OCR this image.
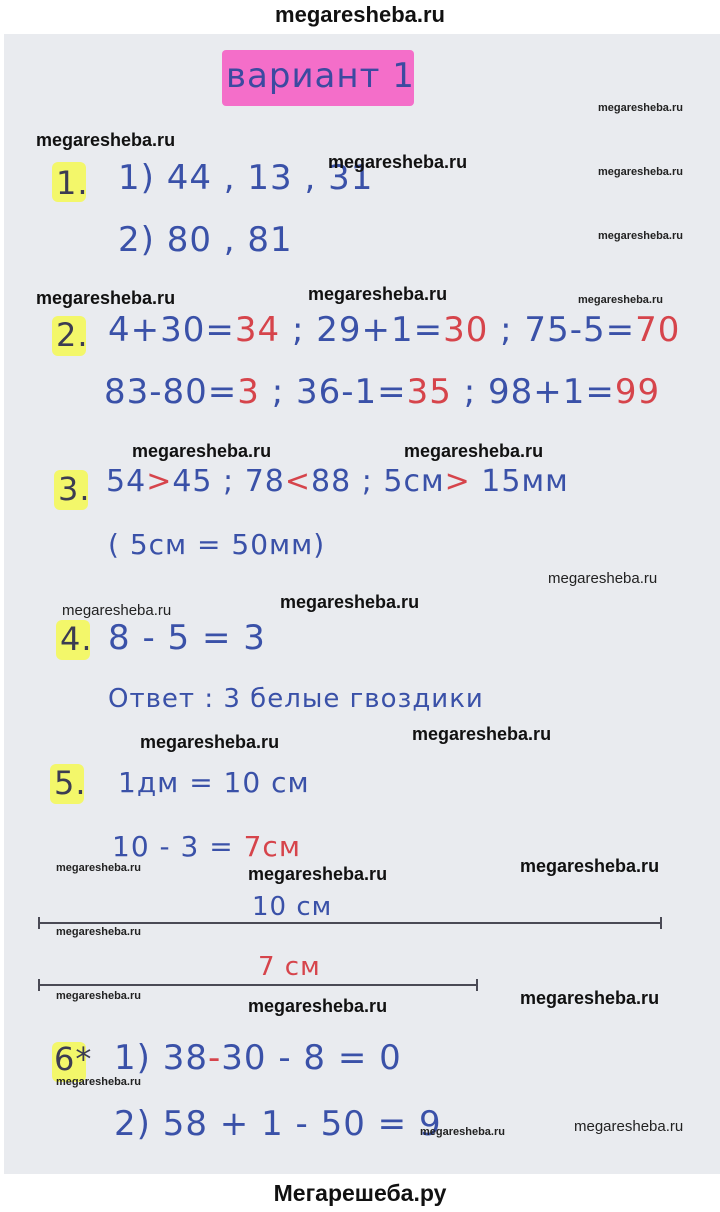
megaresheba.ru
вариант 1
1. 1) 44 , 13 , 31
2) 80 , 81
2. 4+30=34 ; 29+1=30 ; 75-5=70
83-80=3 ; 36-1=35 ; 98+1=99
3. 54>45 ; 78<88 ; 5см> 15мм
( 5см = 50мм)
4. 8 - 5 = 3
Ответ : 3 белые гвоздики
5. 1дм = 10 см
10 - 3 = 7см
10 см
7 см
6* 1) 38-30 - 8 = 0
2) 58 + 1 - 50 = 9
megaresheba.ru
megaresheba.ru
megaresheba.ru	megaresheba.ru
megaresheba.ru
megaresheba.ru	megaresheba.ru	megaresheba.ru
megaresheba.ru	megaresheba.ru
megaresheba.ru
megaresheba.ru	megaresheba.ru
megaresheba.ru	megaresheba.ru
megaresheba.ru	megaresheba.ru	megaresheba.ru
megaresheba.ru
megaresheba.ru	megaresheba.ru	megaresheba.ru
megaresheba.ru
megaresheba.ru	megaresheba.ru
Мегарешеба.ру
